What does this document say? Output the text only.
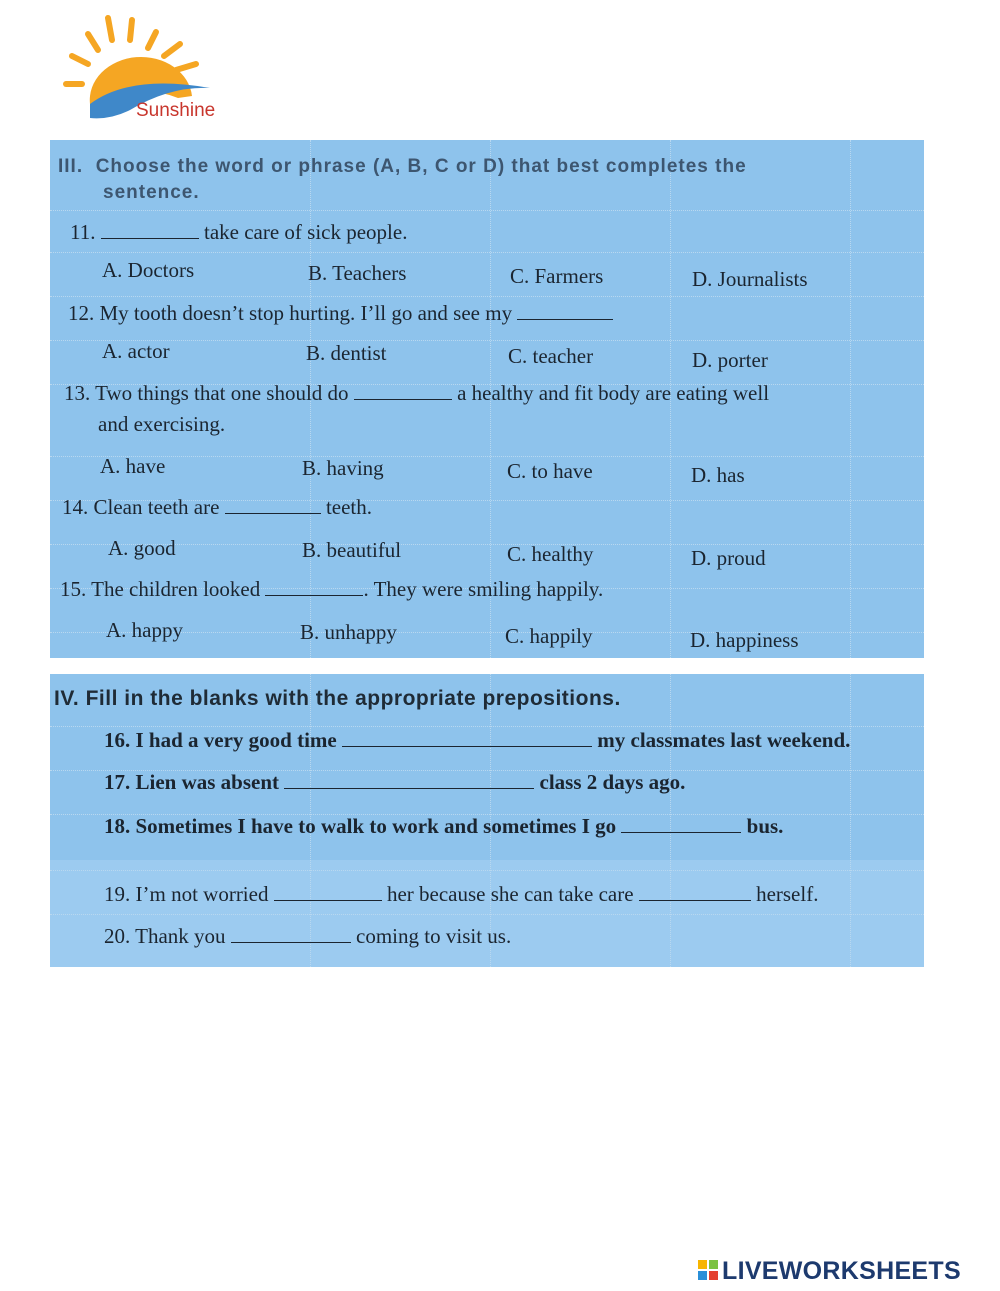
Sunshine
III. Choose the word or phrase (A, B, C or D) that best completes the
sentence.
11.	take care of sick people.
A. Doctors	B. Teachers	C. Farmers	D. Journalists
12. My tooth doesn’t stop hurting. I’ll go and see my
A. actor	B. dentist	C. teacher	D. porter
13. Two things that one should do	a healthy and fit body are eating well
and exercising.
A. have	B. having	C. to have	D. has
14. Clean teeth are	teeth.
A. good	B. beautiful	C. healthy	D. proud
15. The children looked	. They were smiling happily.
A. happy	B. unhappy	C. happily	D. happiness
IV. Fill in the blanks with the appropriate prepositions.
16. I had a very good time	my classmates last weekend.
17. Lien was absent	class 2 days ago.
18. Sometimes I have to walk to work and sometimes I go	bus.
19. I’m not worried	her because she can take care	herself.
20. Thank you	coming to visit us.
LIVEWORKSHEETS
